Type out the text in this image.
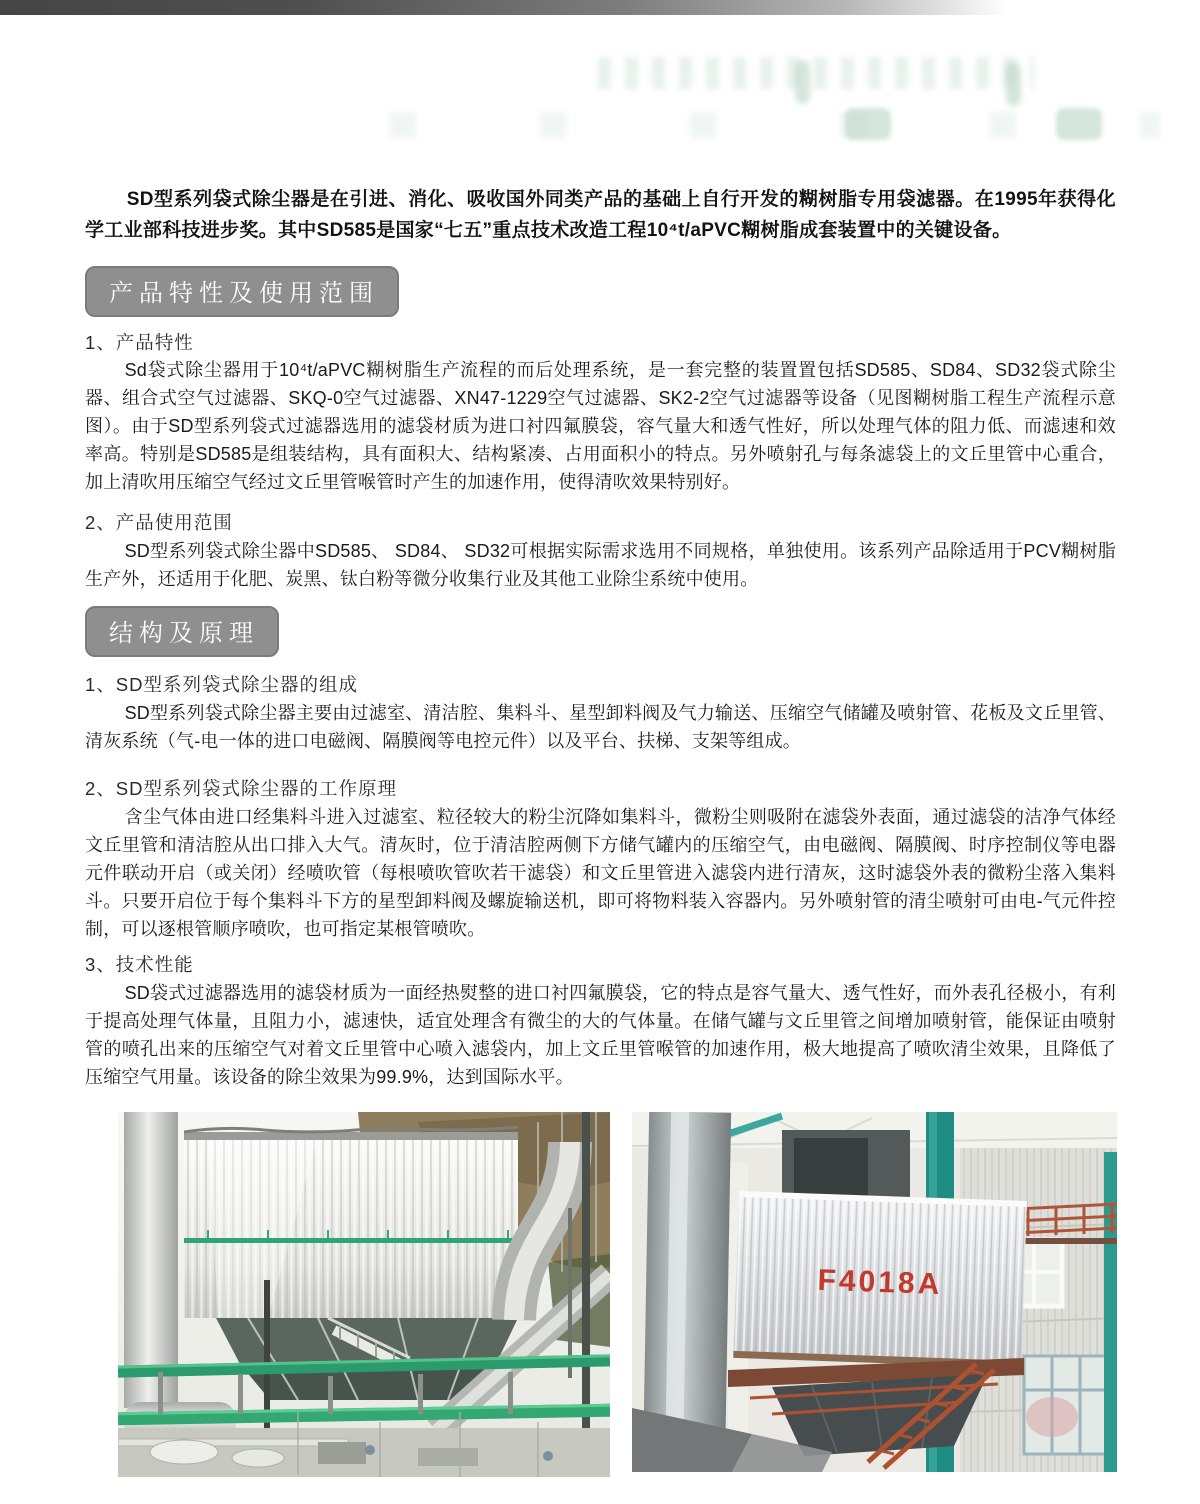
SD型系列袋式除尘器是在引进、消化、吸收国外同类产品的基础上自行开发的糊树脂专用袋滤器。在1995年获得化学工业部科技进步奖。其中SD585是国家“七五”重点技术改造工程10⁴t/aPVC糊树脂成套装置中的关键设备。

产品特性及使用范围
1、产品特性

Sd袋式除尘器用于10⁴t/aPVC糊树脂生产流程的而后处理系统，是一套完整的装置置包括SD585、SD84、SD32袋式除尘器、组合式空气过滤器、SKQ-0空气过滤器、XN47-1229空气过滤器、SK2-2空气过滤器等设备（见图糊树脂工程生产流程示意图）。由于SD型系列袋式过滤器选用的滤袋材质为进口衬四氟膜袋，容气量大和透气性好，所以处理气体的阻力低、而滤速和效率高。特别是SD585是组装结构，具有面积大、结构紧凑、占用面积小的特点。另外喷射孔与每条滤袋上的文丘里管中心重合，加上清吹用压缩空气经过文丘里管喉管时产生的加速作用，使得清吹效果特别好。

2、产品使用范围

SD型系列袋式除尘器中SD585、 SD84、 SD32可根据实际需求选用不同规格，单独使用。该系列产品除适用于PCV糊树脂生产外，还适用于化肥、炭黑、钛白粉等微分收集行业及其他工业除尘系统中使用。

结构及原理
1、SD型系列袋式除尘器的组成

SD型系列袋式除尘器主要由过滤室、清洁腔、集料斗、星型卸料阀及气力输送、压缩空气储罐及喷射管、花板及文丘里管、清灰系统（气-电一体的进口电磁阀、隔膜阀等电控元件）以及平台、扶梯、支架等组成。

2、SD型系列袋式除尘器的工作原理

含尘气体由进口经集料斗进入过滤室、粒径较大的粉尘沉降如集料斗，微粉尘则吸附在滤袋外表面，通过滤袋的洁净气体经文丘里管和清洁腔从出口排入大气。清灰时，位于清洁腔两侧下方储气罐内的压缩空气，由电磁阀、隔膜阀、时序控制仪等电器元件联动开启（或关闭）经喷吹管（每根喷吹管吹若干滤袋）和文丘里管进入滤袋内进行清灰，这时滤袋外表的微粉尘落入集料斗。只要开启位于每个集料斗下方的星型卸料阀及螺旋输送机，即可将物料装入容器内。另外喷射管的清尘喷射可由电-气元件控制，可以逐根管顺序喷吹，也可指定某根管喷吹。

3、技术性能

SD袋式过滤器选用的滤袋材质为一面经热熨整的进口衬四氟膜袋，它的特点是容气量大、透气性好，而外表孔径极小，有利于提高处理气体量，且阻力小，滤速快，适宜处理含有微尘的大的气体量。在储气罐与文丘里管之间增加喷射管，能保证由喷射管的喷孔出来的压缩空气对着文丘里管中心喷入滤袋内，加上文丘里管喉管的加速作用，极大地提高了喷吹清尘效果，且降低了压缩空气用量。该设备的除尘效果为99.9%，达到国际水平。

F4018A
